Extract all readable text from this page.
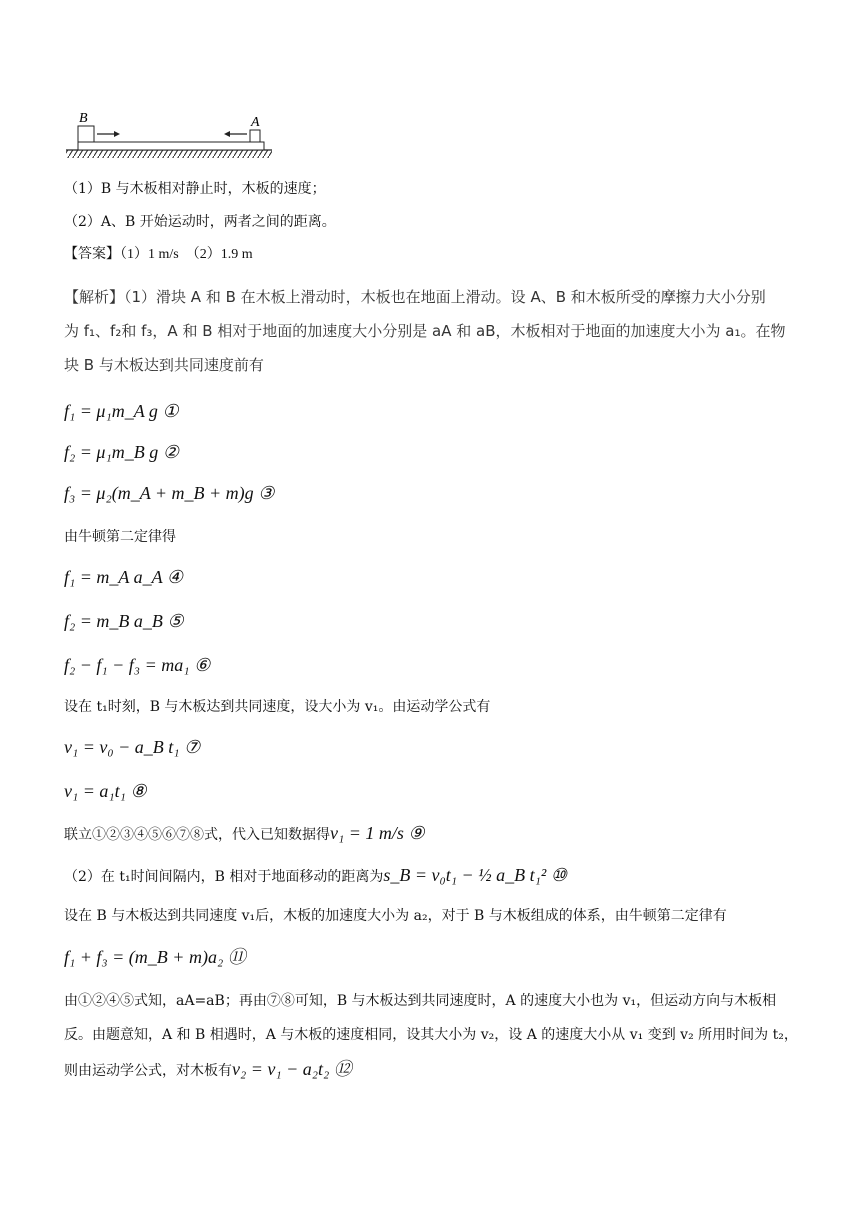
B	A
（1）B 与木板相对静止时，木板的速度；
（2）A、B 开始运动时，两者之间的距离。
【答案】（1）1 m/s　（2）1.9 m
【解析】（1）滑块 A 和 B 在木板上滑动时，木板也在地面上滑动。设 A、B 和木板所受的摩擦力大小分别
为 f₁、f₂和 f₃，A 和 B 相对于地面的加速度大小分别是 aA 和 aB，木板相对于地面的加速度大小为 a₁。在物
块 B 与木板达到共同速度前有
f₁ = μ₁m_A g ①
f₂ = μ₁m_B g ②
f₃ = μ₂(m_A + m_B + m)g ③
由牛顿第二定律得
f₁ = m_A a_A ④
f₂ = m_B a_B ⑤
f₂ − f₁ − f₃ = ma₁ ⑥
设在 t₁时刻，B 与木板达到共同速度，设大小为 v₁。由运动学公式有
v₁ = v₀ − a_B t₁ ⑦
v₁ = a₁t₁ ⑧
联立①②③④⑤⑥⑦⑧式，代入已知数据得v₁ = 1 m/s ⑨
（2）在 t₁时间间隔内，B 相对于地面移动的距离为s_B = v₀t₁ − ½ a_B t₁² ⑩
设在 B 与木板达到共同速度 v₁后，木板的加速度大小为 a₂，对于 B 与木板组成的体系，由牛顿第二定律有
f₁ + f₃ = (m_B + m)a₂ ⑪
由①②④⑤式知，aA=aB；再由⑦⑧可知，B 与木板达到共同速度时，A 的速度大小也为 v₁，但运动方向与木板相
反。由题意知，A 和 B 相遇时，A 与木板的速度相同，设其大小为 v₂，设 A 的速度大小从 v₁ 变到 v₂ 所用时间为 t₂，
则由运动学公式，对木板有v₂ = v₁ − a₂t₂ ⑫
